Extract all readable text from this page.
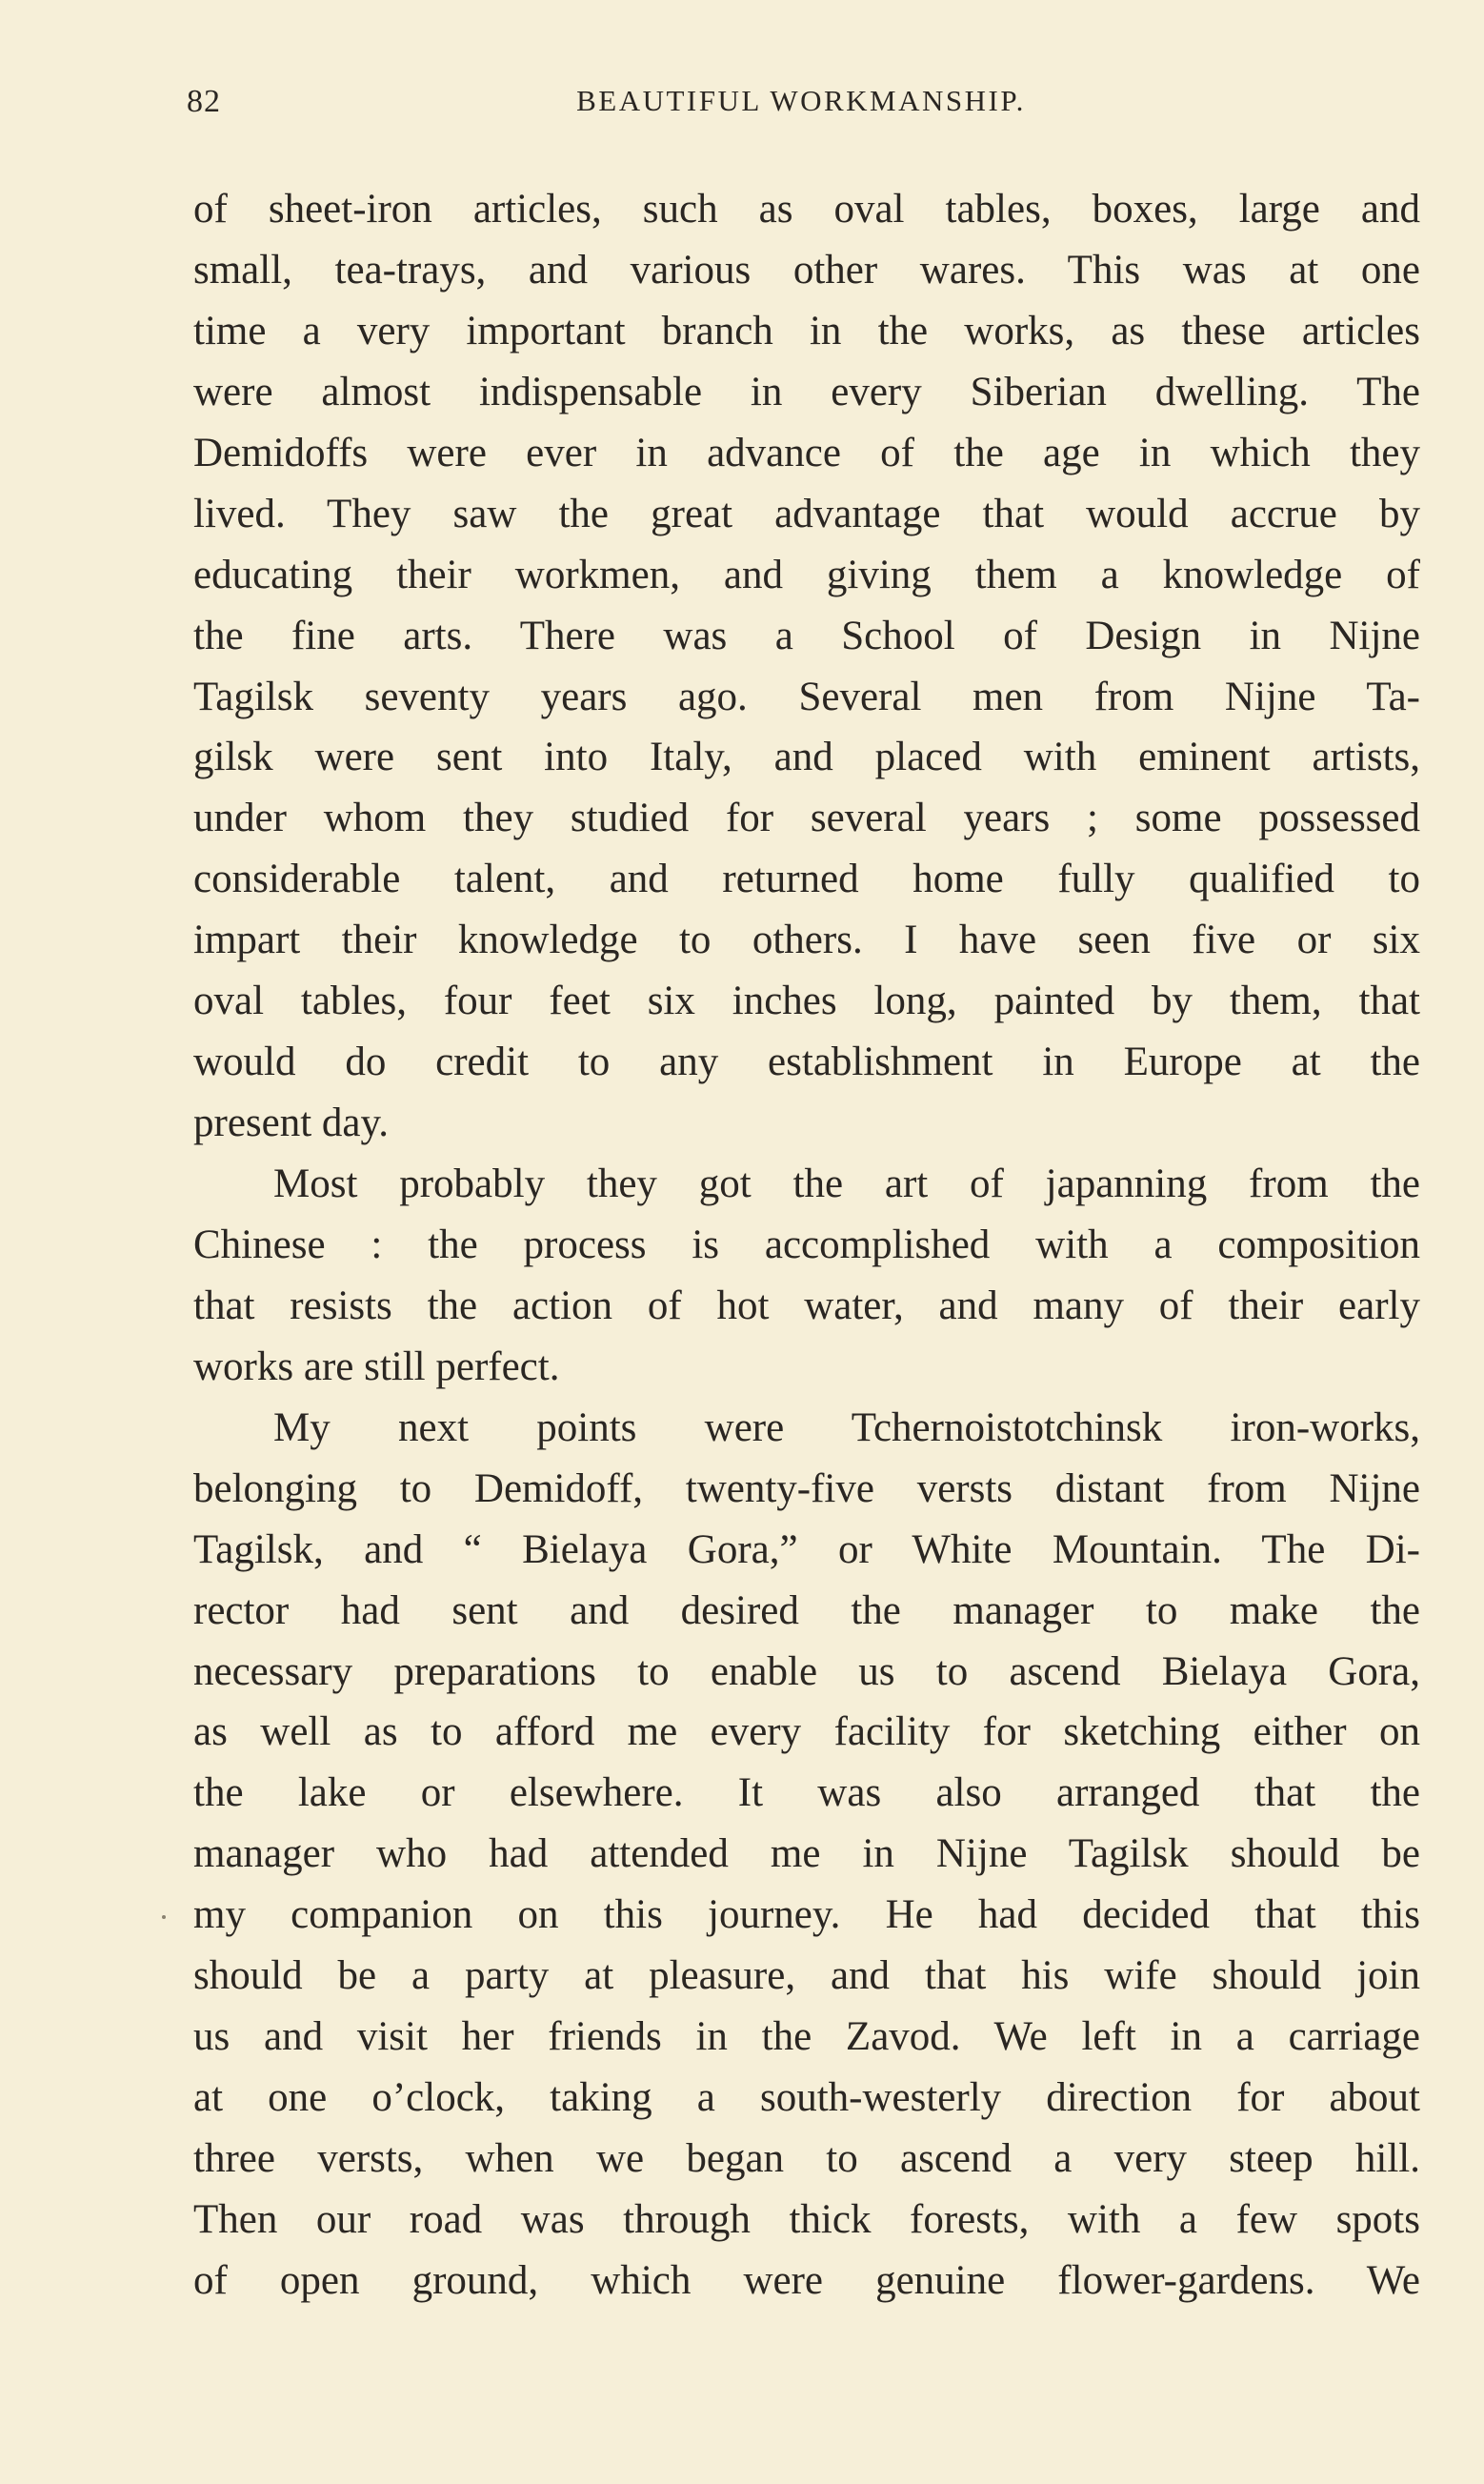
82	BEAUTIFUL WORKMANSHIP.
of sheet-iron articles, such as oval tables, boxes, large and
small, tea-trays, and various other wares. This was at one
time a very important branch in the works, as these articles
were almost indispensable in every Siberian dwelling. The
Demidoffs were ever in advance of the age in which they
lived. They saw the great advantage that would accrue by
educating their workmen, and giving them a knowledge of
the fine arts. There was a School of Design in Nijne
Tagilsk seventy years ago. Several men from Nijne Ta-
gilsk were sent into Italy, and placed with eminent artists,
under whom they studied for several years ; some possessed
considerable talent, and returned home fully qualified to
impart their knowledge to others. I have seen five or six
oval tables, four feet six inches long, painted by them, that
would do credit to any establishment in Europe at the
present day.
Most probably they got the art of japanning from the
Chinese : the process is accomplished with a composition
that resists the action of hot water, and many of their early
works are still perfect.
My next points were Tchernoistotchinsk iron-works,
belonging to Demidoff, twenty-five versts distant from Nijne
Tagilsk, and “ Bielaya Gora,” or White Mountain. The Di-
rector had sent and desired the manager to make the
necessary preparations to enable us to ascend Bielaya Gora,
as well as to afford me every facility for sketching either on
the lake or elsewhere. It was also arranged that the
manager who had attended me in Nijne Tagilsk should be
my companion on this journey. He had decided that this
should be a party at pleasure, and that his wife should join
us and visit her friends in the Zavod. We left in a carriage
at one o’clock, taking a south-westerly direction for about
three versts, when we began to ascend a very steep hill.
Then our road was through thick forests, with a few spots
of open ground, which were genuine flower-gardens. We
